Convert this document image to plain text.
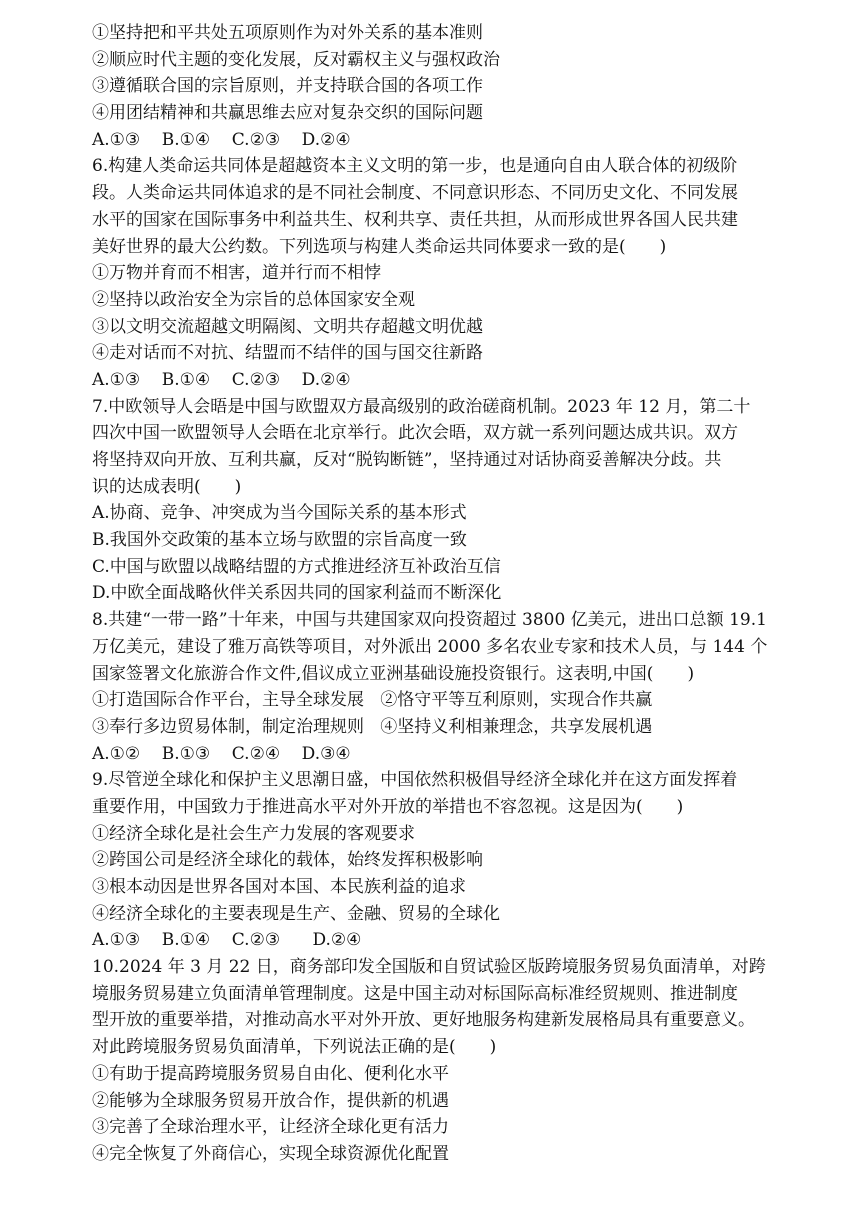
①坚持把和平共处五项原则作为对外关系的基本准则
②顺应时代主题的变化发展，反对霸权主义与强权政治
③遵循联合国的宗旨原则，并支持联合国的各项工作
④用团结精神和共赢思维去应对复杂交织的国际问题
A.①③    B.①④    C.②③    D.②④
6.构建人类命运共同体是超越资本主义文明的第一步，也是通向自由人联合体的初级阶
段。人类命运共同体追求的是不同社会制度、不同意识形态、不同历史文化、不同发展
水平的国家在国际事务中利益共生、权利共享、责任共担，从而形成世界各国人民共建
美好世界的最大公约数。下列选项与构建人类命运共同体要求一致的是(　　)
①万物并育而不相害，道并行而不相悖
②坚持以政治安全为宗旨的总体国家安全观
③以文明交流超越文明隔阂、文明共存超越文明优越
④走对话而不对抗、结盟而不结伴的国与国交往新路
A.①③    B.①④    C.②③    D.②④
7.中欧领导人会晤是中国与欧盟双方最高级别的政治磋商机制。2023 年 12 月，第二十
四次中国一欧盟领导人会晤在北京举行。此次会晤，双方就一系列问题达成共识。双方
将坚持双向开放、互利共赢，反对“脱钩断链”，坚持通过对话协商妥善解决分歧。共
识的达成表明(　　)
A.协商、竞争、冲突成为当今国际关系的基本形式
B.我国外交政策的基本立场与欧盟的宗旨高度一致
C.中国与欧盟以战略结盟的方式推进经济互补政治互信
D.中欧全面战略伙伴关系因共同的国家利益而不断深化
8.共建“一带一路”十年来，中国与共建国家双向投资超过 3800 亿美元，进出口总额 19.1
万亿美元，建设了雅万高铁等项目，对外派出 2000 多名农业专家和技术人员，与 144 个
国家签署文化旅游合作文件,倡议成立亚洲基础设施投资银行。这表明,中国(　　)
①打造国际合作平台，主导全球发展   ②恪守平等互利原则，实现合作共赢
③奉行多边贸易体制，制定治理规则   ④坚持义利相兼理念，共享发展机遇
A.①②    B.①③    C.②④    D.③④
9.尽管逆全球化和保护主义思潮日盛，中国依然积极倡导经济全球化并在这方面发挥着
重要作用，中国致力于推进高水平对外开放的举措也不容忽视。这是因为(　　)
①经济全球化是社会生产力发展的客观要求
②跨国公司是经济全球化的载体，始终发挥积极影响
③根本动因是世界各国对本国、本民族利益的追求
④经济全球化的主要表现是生产、金融、贸易的全球化
A.①③    B.①④    C.②③      D.②④
10.2024 年 3 月 22 日，商务部印发全国版和自贸试验区版跨境服务贸易负面清单，对跨
境服务贸易建立负面清单管理制度。这是中国主动对标国际高标准经贸规则、推进制度
型开放的重要举措，对推动高水平对外开放、更好地服务构建新发展格局具有重要意义。
对此跨境服务贸易负面清单，下列说法正确的是(　　)
①有助于提高跨境服务贸易自由化、便利化水平
②能够为全球服务贸易开放合作，提供新的机遇
③完善了全球治理水平，让经济全球化更有活力
④完全恢复了外商信心，实现全球资源优化配置
